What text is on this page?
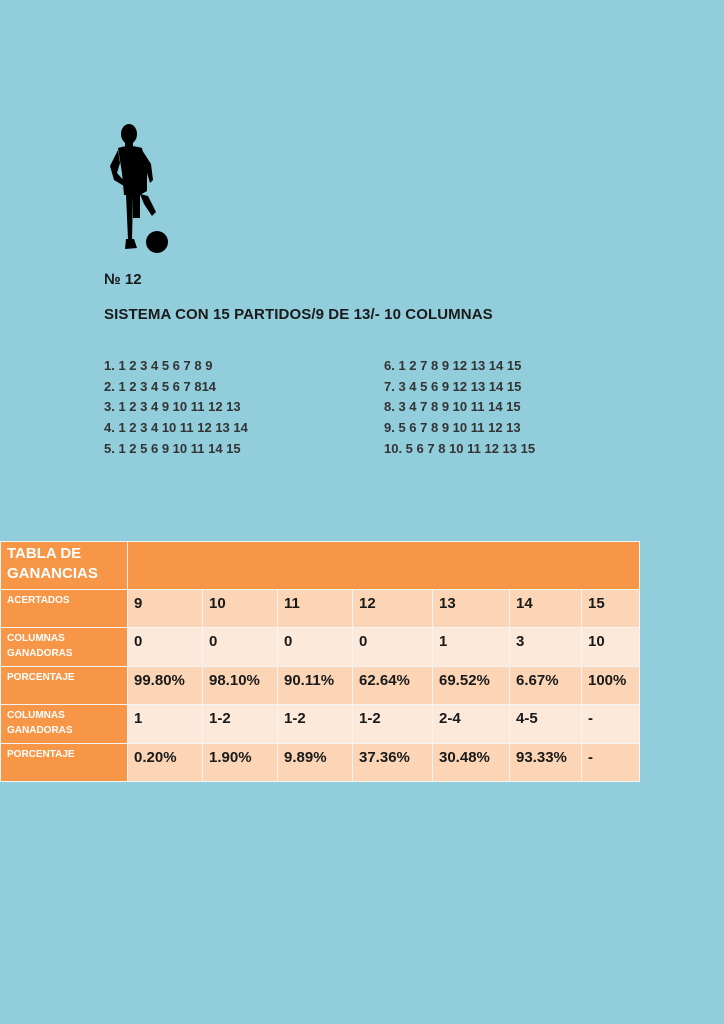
№ 12
SISTEMA CON 15 PARTIDOS/9 DE 13/- 10 COLUMNAS
1. 1 2 3 4 5 6 7 8 9
2. 1 2 3 4 5 6 7 814
3. 1 2 3 4 9 10 11 12 13
4. 1 2 3 4 10 11 12 13 14
5. 1 2 5 6 9 10 11 14 15
6. 1 2 7 8 9 12 13 14 15
7. 3 4 5 6 9 12 13 14 15
8. 3 4 7 8 9 10 11 14 15
9. 5 6 7 8 9 10 11 12 13
10. 5 6 7 8 10 11 12 13 15
TABLA DE GANANCIAS							
ACERTADOS	9	10	11	12	13	14	15
COLUMNAS GANADORAS	0	0	0	0	1	3	10
PORCENTAJE	99.80%	98.10%	90.11%	62.64%	69.52%	6.67%	100%
COLUMNAS GANADORAS	1	1-2	1-2	1-2	2-4	4-5	-
PORCENTAJE	0.20%	1.90%	9.89%	37.36%	30.48%	93.33%	-
